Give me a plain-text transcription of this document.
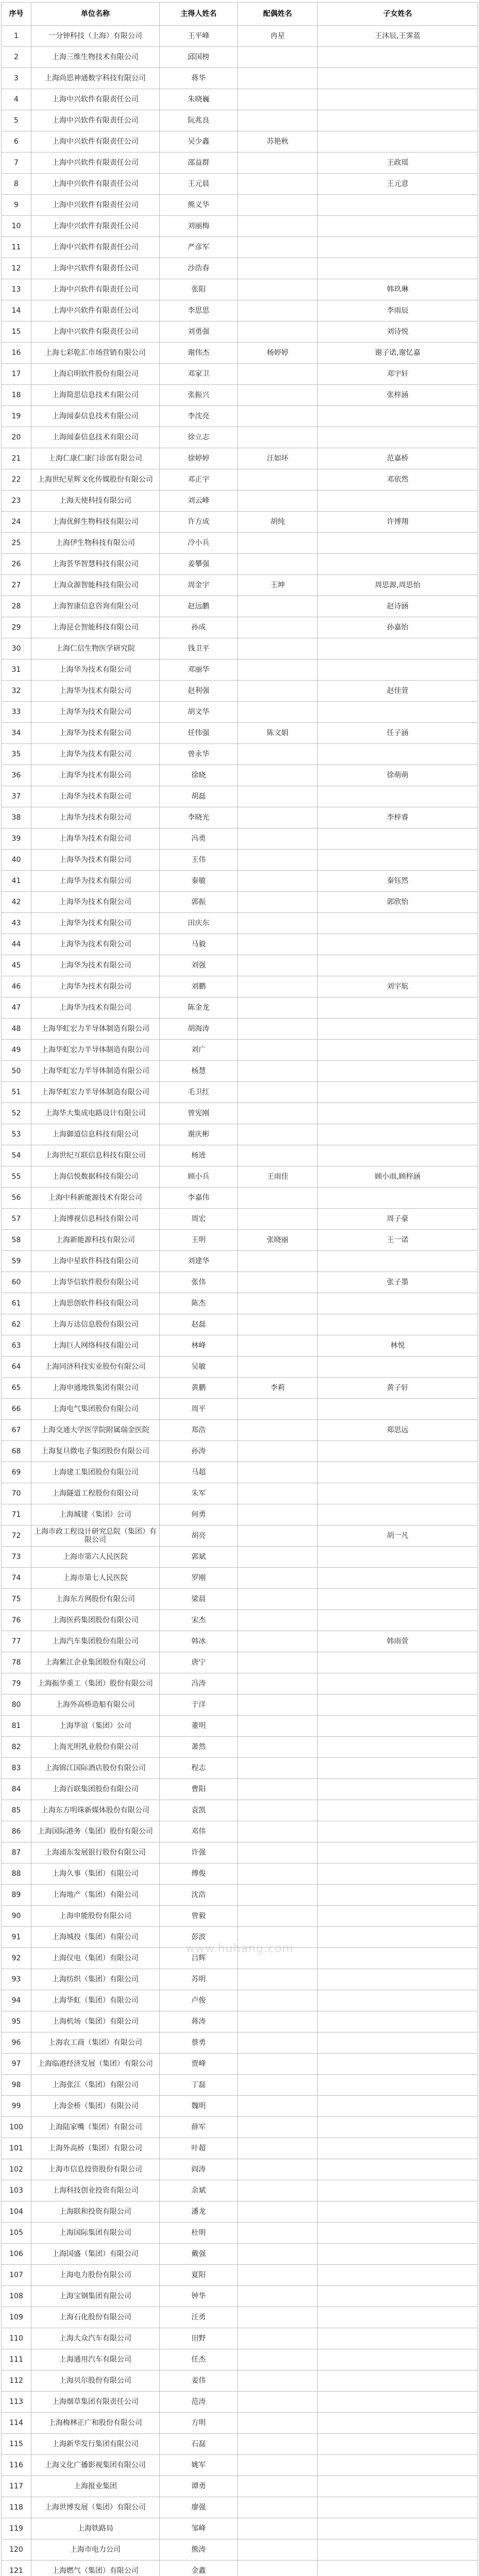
序号	单位名称	主得人姓名	配偶姓名	子女姓名
1	一分钟科技（上海）有限公司	王平峰	冉星	王沐辰,王霁蓝
2	上海三维生物技术有限公司	邱国榜		
3	上海尚思神通数字科技有限公司	蒋华		
4	上海中兴软件有限责任公司	朱晓巍		
5	上海中兴软件有限责任公司	阮兆良		
6	上海中兴软件有限责任公司	吴少鑫	苏艳秋	
7	上海中兴软件有限责任公司	邵益群		王政瑶
8	上海中兴软件有限责任公司	王元晨		王元意
9	上海中兴软件有限责任公司	熊义华		
10	上海中兴软件有限责任公司	刘丽梅		
11	上海中兴软件有限责任公司	严彦军		
12	上海中兴软件有限责任公司	沙浩春		
13	上海中兴软件有限责任公司	张阳		韩玖琳
14	上海中兴软件有限责任公司	李思思		李雨辰
15	上海中兴软件有限责任公司	刘勇强		刘诗悦
16	上海七彩乾汇市场营销有限公司	谢伟杰	杨婷婷	谢子诺,谢忆嘉
17	上海启明软件股份有限公司	邓家卫		邓宇轩
18	上海简思信息技术有限公司	张振兴		张梓涵
19	上海闻泰信息技术有限公司	李沈亮		
20	上海闻泰信息技术有限公司	徐立志		
21	上海仁康仁康门诊部有限公司	徐婷婷	汪如环	范嘉桥
22	上海世纪星辉文化传媒股份有限公司	邓正宇		邓依然
23	上海天使科技有限公司	刘云峰		
24	上海优鲜生物科技有限公司	许方成	胡纯	许博翔
25	上海伊生物科技有限公司	冷小兵		
26	上海荟华智慧科技有限公司	姜攀强		
27	上海众源智能科技有限公司	周金宇	王坤	周思源,周思怡
28	上海智康信息咨询有限公司	赵远鹏		赵诗涵
29	上海昆仑智能科技有限公司	孙成		孙嘉怡
30	上海仁信生物医学研究院	钱卫平		
31	上海华为技术有限公司	邓丽华		
32	上海华为技术有限公司	赵利强		赵佳萱
33	上海华为技术有限公司	胡文华		
34	上海华为技术有限公司	任伟强	陈文娟	任子涵
35	上海华为技术有限公司	曾永华		
36	上海华为技术有限公司	徐晓		徐萌萌
37	上海华为技术有限公司	胡磊		
38	上海华为技术有限公司	李晓光		李梓睿
39	上海华为技术有限公司	冯勇		
40	上海华为技术有限公司	王伟		
41	上海华为技术有限公司	秦敏		秦钰然
42	上海华为技术有限公司	郭振		郭欣怡
43	上海华为技术有限公司	田庆东		
44	上海华为技术有限公司	马毅		
45	上海华为技术有限公司	刘强		
46	上海华为技术有限公司	刘鹏		刘宇航
47	上海华为技术有限公司	陈金龙		
48	上海华虹宏力半导体制造有限公司	胡海涛		
49	上海华虹宏力半导体制造有限公司	刘广		
50	上海华虹宏力半导体制造有限公司	杨慧		
51	上海华虹宏力半导体制造有限公司	毛卫红		
52	上海华大集成电路设计有限公司	曾宪刚		
53	上海御道信息科技有限公司	谢庆彬		
54	上海世纪互联信息科技有限公司	杨进		
55	上海信悦数据科技有限公司	顾小兵	王雨佳	顾小雨,顾梓涵
56	上海中科新能源技术有限公司	李嘉伟		
57	上海博视信息科技有限公司	周宏		周子豪
58	上海新能源科技有限公司	王明	张晓丽	王一诺
59	上海中星软件科技有限公司	刘建华		
60	上海华信软件股份有限公司	张伟		张子墨
61	上海思创软件科技有限公司	陈杰		
62	上海万达信息股份有限公司	赵磊		
63	上海巨人网络科技有限公司	林峰		林悦
64	上海同济科技实业股份有限公司	吴敏		
65	上海申通地铁集团有限公司	黄鹏	李莉	黄子轩
66	上海电气集团股份有限公司	周平		
67	上海交通大学医学院附属瑞金医院	郑浩		郑思远
68	上海复旦微电子集团股份有限公司	孙涛		
69	上海建工集团股份有限公司	马超		
70	上海隧道工程股份有限公司	朱军		
71	上海城建（集团）公司	何勇		
72	上海市政工程设计研究总院（集团）有限公司	胡亮		胡一凡
73	上海市第六人民医院	郭斌		
74	上海市第七人民医院	罗刚		
75	上海东方网股份有限公司	梁晨		
76	上海医药集团股份有限公司	宋杰		
77	上海汽车集团股份有限公司	韩冰		韩雨萱
78	上海紫江企业集团股份有限公司	唐宁		
79	上海振华重工（集团）股份有限公司	冯涛		
80	上海外高桥造船有限公司	于洋		
81	上海华谊（集团）公司	董明		
82	上海光明乳业股份有限公司	萧然		
83	上海锦江国际酒店股份有限公司	程志		
84	上海百联集团股份有限公司	曹阳		
85	上海东方明珠新媒体股份有限公司	袁凯		
86	上海国际港务（集团）股份有限公司	邓伟		
87	上海浦东发展银行股份有限公司	许强		
88	上海久事（集团）有限公司	傅俊		
89	上海地产（集团）有限公司	沈浩		
90	上海申能股份有限公司	曾毅		
91	上海城投（集团）有限公司	彭波		
92	上海仪电（集团）有限公司	吕辉		
93	上海纺织（集团）有限公司	苏明		
94	上海华虹（集团）有限公司	卢俊		
95	上海机场（集团）有限公司	蒋涛		
96	上海农工商（集团）有限公司	蔡勇		
97	上海临港经济发展（集团）有限公司	贾峰		
98	上海张江（集团）有限公司	丁磊		
99	上海金桥（集团）有限公司	魏明		
100	上海陆家嘴（集团）有限公司	薛军		
101	上海外高桥（集团）有限公司	叶超		
102	上海市信息投资股份有限公司	阎涛		
103	上海科技创业投资有限公司	余斌		
104	上海联和投资有限公司	潘龙		
105	上海国际集团有限公司	杜明		
106	上海国盛（集团）有限公司	戴强		
107	上海电力股份有限公司	夏阳		
108	上海宝钢集团有限公司	钟华		
109	上海石化股份有限公司	汪勇		
110	上海大众汽车有限公司	田野		
111	上海通用汽车有限公司	任杰		
112	上海贝尔股份有限公司	姜伟		
113	上海烟草集团有限责任公司	范涛		
114	上海梅林正广和股份有限公司	方明		
115	上海新华发行集团有限公司	石磊		
116	上海文化广播影视集团有限公司	姚军		
117	上海报业集团	谭勇		
118	上海世博发展（集团）有限公司	廖强		
119	上海铁路局	邹峰		
120	上海市电力公司	熊涛		
121	上海燃气（集团）有限公司	金鑫		

www.huhang.com
